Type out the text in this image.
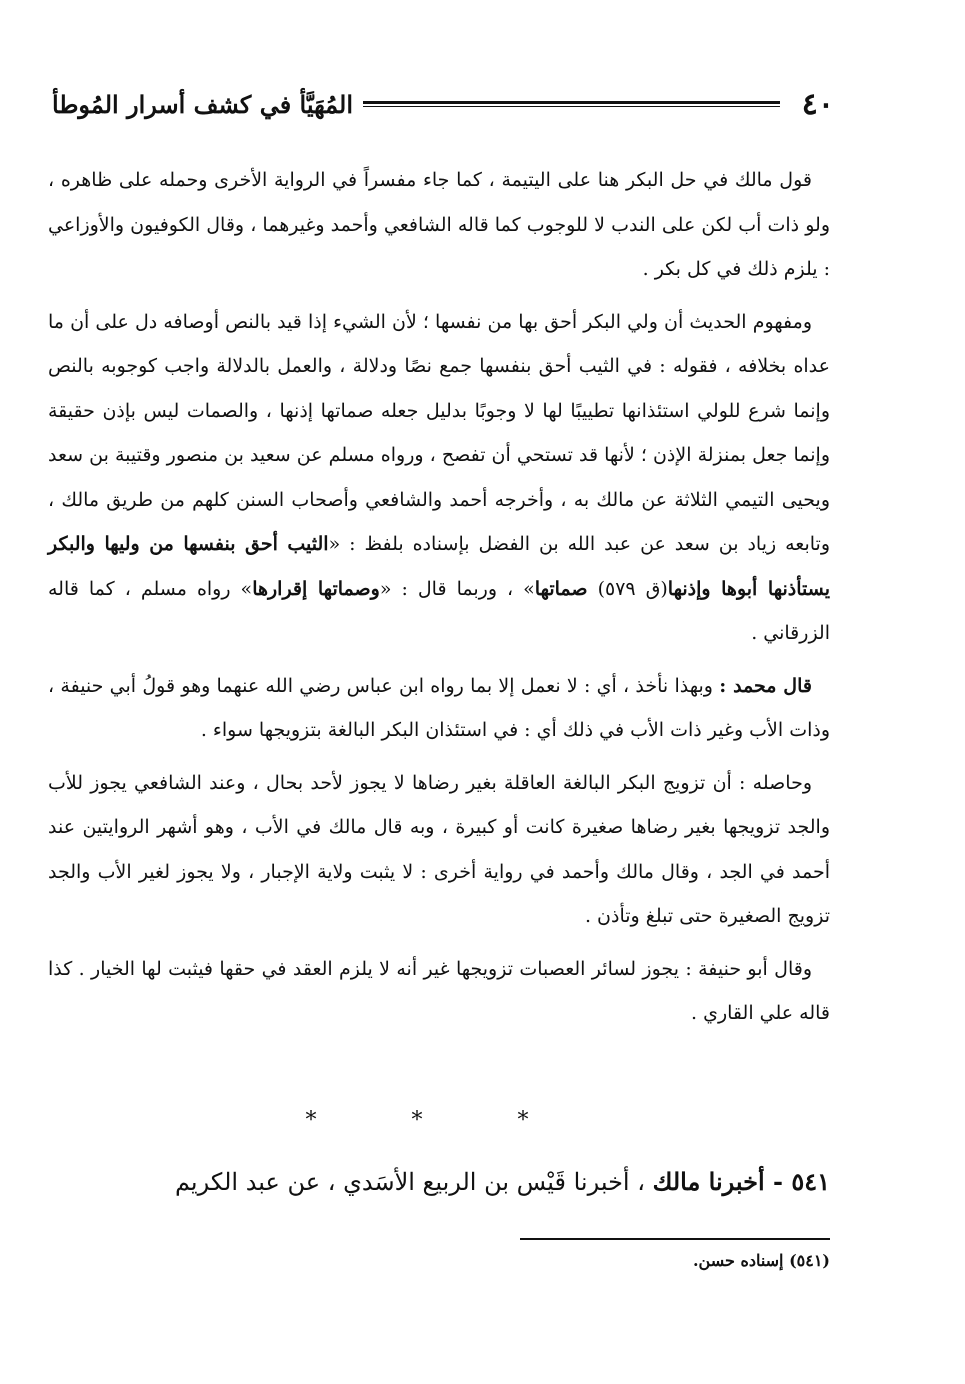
٤٠
المُهَيَّأ في كشف أسرار المُوطأ

قول مالك في حل البكر هنا على اليتيمة ، كما جاء مفسراً في الرواية الأخرى وحمله على ظاهره ، ولو ذات أب لكن على الندب لا للوجوب كما قاله الشافعي وأحمد وغيرهما ، وقال الكوفيون والأوزاعي : يلزم ذلك في كل بكر .

ومفهوم الحديث أن ولي البكر أحق بها من نفسها ؛ لأن الشيء إذا قيد بالنص أوصافه دل على أن ما عداه بخلافه ، فقوله : في الثيب أحق بنفسها جمع نصًا ودلالة ، والعمل بالدلالة واجب كوجوبه بالنص وإنما شرع للولي استئذانها تطييبًا لها لا وجوبًا بدليل جعله صماتها إذنها ، والصمات ليس بإذن حقيقة وإنما جعل بمنزلة الإذن ؛ لأنها قد تستحي أن تفصح ، ورواه مسلم عن سعيد بن منصور وقتيبة بن سعد ويحيى التيمي الثلاثة عن مالك به ، وأخرجه أحمد والشافعي وأصحاب السنن كلهم من طريق مالك ، وتابعه زياد بن سعد عن عبد الله بن الفضل بإسناده بلفظ : «الثيب أحق بنفسها من وليها والبكر يستأذنها أبوها وإذنها(ق ٥٧٩) صماتها» ، وربما قال : «وصماتها إقرارها» رواه مسلم ، كما قاله الزرقاني .

قال محمد : وبهذا نأخذ ، أي : لا نعمل إلا بما رواه ابن عباس رضي الله عنهما وهو قولُ أبي حنيفة ، وذات الأب وغير ذات الأب في ذلك أي : في استئذان البكر البالغة بتزويجها سواء .

وحاصله : أن تزويج البكر البالغة العاقلة بغير رضاها لا يجوز لأحد بحال ، وعند الشافعي يجوز للأب والجد تزويجها بغير رضاها صغيرة كانت أو كبيرة ، وبه قال مالك في الأب ، وهو أشهر الروايتين عند أحمد في الجد ، وقال مالك وأحمد في رواية أخرى : لا يثبت ولاية الإجبار ، ولا يجوز لغير الأب والجد تزويج الصغيرة حتى تبلغ وتأذن .

وقال أبو حنيفة : يجوز لسائر العصبات تزويجها غير أنه لا يلزم العقد في حقها فيثبت لها الخيار . كذا قاله علي القاري .

* * *
٥٤١ - أخبرنا مالك ، أخبرنا قَيْس بن الربيع الأسَدي ، عن عبد الكريم
(٥٤١) إسناده حسن.
